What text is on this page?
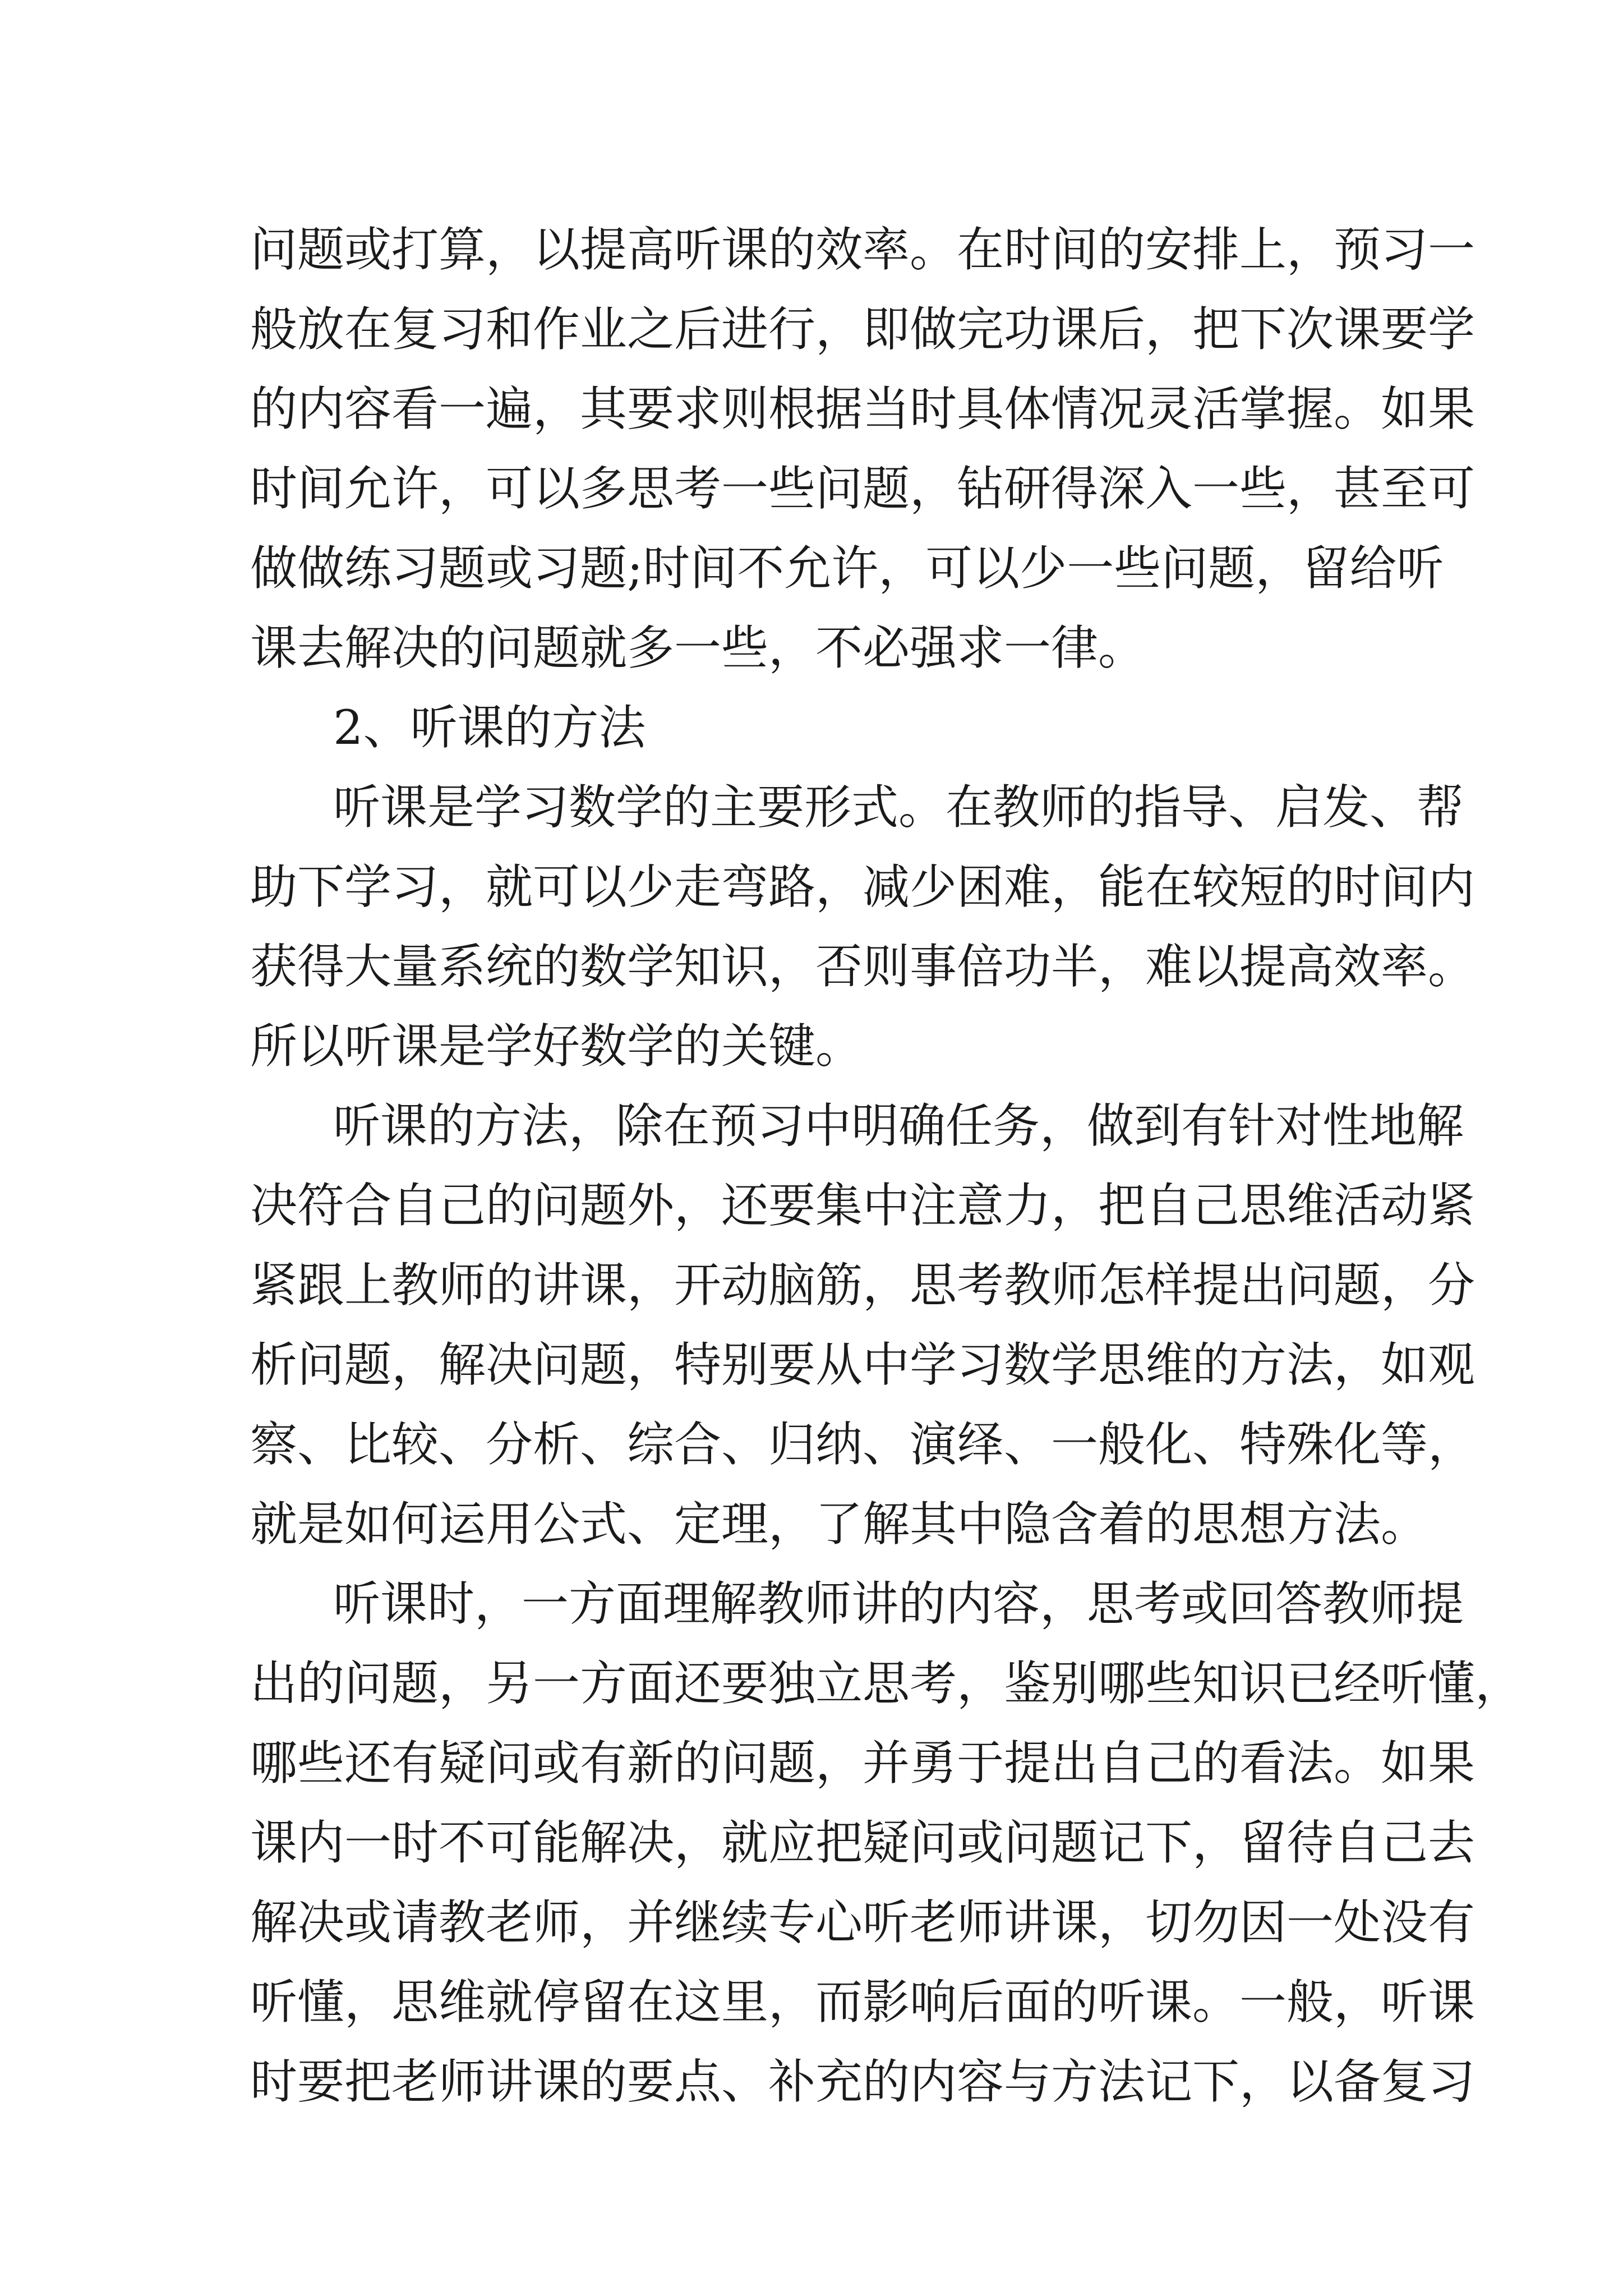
问题或打算，以提高听课的效率。在时间的安排上，预习一
般放在复习和作业之后进行，即做完功课后，把下次课要学
的内容看一遍，其要求则根据当时具体情况灵活掌握。如果
时间允许，可以多思考一些问题，钻研得深入一些，甚至可
做做练习题或习题;时间不允许，可以少一些问题，留给听
课去解决的问题就多一些，不必强求一律。
2、听课的方法
听课是学习数学的主要形式。在教师的指导、启发、帮
助下学习，就可以少走弯路，减少困难，能在较短的时间内
获得大量系统的数学知识，否则事倍功半，难以提高效率。
所以听课是学好数学的关键。
听课的方法，除在预习中明确任务，做到有针对性地解
决符合自己的问题外，还要集中注意力，把自己思维活动紧
紧跟上教师的讲课，开动脑筋，思考教师怎样提出问题，分
析问题，解决问题，特别要从中学习数学思维的方法，如观
察、比较、分析、综合、归纳、演绎、一般化、特殊化等，
就是如何运用公式、定理，了解其中隐含着的思想方法。
听课时，一方面理解教师讲的内容，思考或回答教师提
出的问题，另一方面还要独立思考，鉴别哪些知识已经听懂，
哪些还有疑问或有新的问题，并勇于提出自己的看法。如果
课内一时不可能解决，就应把疑问或问题记下，留待自己去
解决或请教老师，并继续专心听老师讲课，切勿因一处没有
听懂，思维就停留在这里，而影响后面的听课。一般，听课
时要把老师讲课的要点、补充的内容与方法记下，以备复习
